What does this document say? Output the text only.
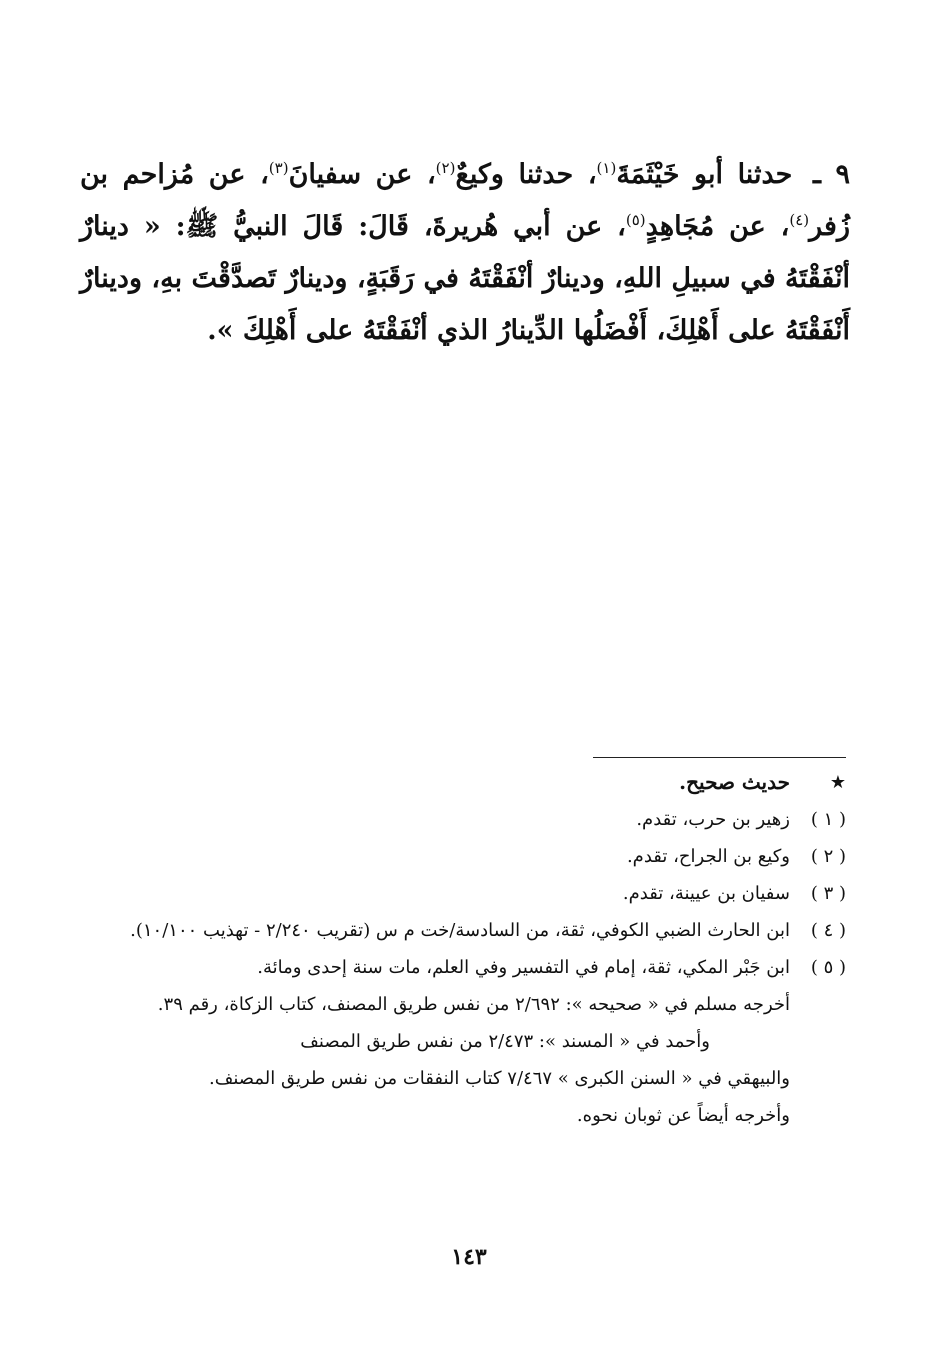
٩ ـ حدثنا أبو خَيْثَمَةَ$^{(١)}$، حدثنا وكيعٌ$^{(٢)}$، عن سفيانَ$^{(٣)}$، عن مُزاحم بن زُفر$^{(٤)}$، عن مُجَاهِدٍ$^{(٥)}$، عن أبي هُريرةَ، قَالَ: قَالَ النبيُّ ﷺ: « دينارٌ أنْفَقْتَهُ في سبيلِ اللهِ، ودينارٌ أنْفَقْتَهُ في رَقَبَةٍ، ودينارٌ تَصدَّقْتَ بهِ، ودينارٌ أَنْفَقْتَهُ على أَهْلِكَ، أَفْضَلُها الدِّينارُ الذي أنْفَقْتَهُ على أَهْلِكَ ».

★
حديث صحيح.
( ١ )
زهير بن حرب، تقدم.
( ٢ )
وكيع بن الجراح، تقدم.
( ٣ )
سفيان بن عيينة، تقدم.
( ٤ )
ابن الحارث الضبي الكوفي، ثقة، من السادسة/خت م س (تقريب ٢/٢٤٠ - تهذيب ١٠/١٠٠).
( ٥ )
ابن جَبْر المكي، ثقة، إمام في التفسير وفي العلم، مات سنة إحدى ومائة.
أخرجه مسلم في « صحيحه »: ٢/٦٩٢ من نفس طريق المصنف، كتاب الزكاة، رقم ٣٩.
وأحمد في « المسند »: ٢/٤٧٣ من نفس طريق المصنف
والبيهقي في « السنن الكبرى » ٧/٤٦٧ كتاب النفقات من نفس طريق المصنف.
وأخرجه أيضاً عن ثوبان نحوه.
١٤٣
